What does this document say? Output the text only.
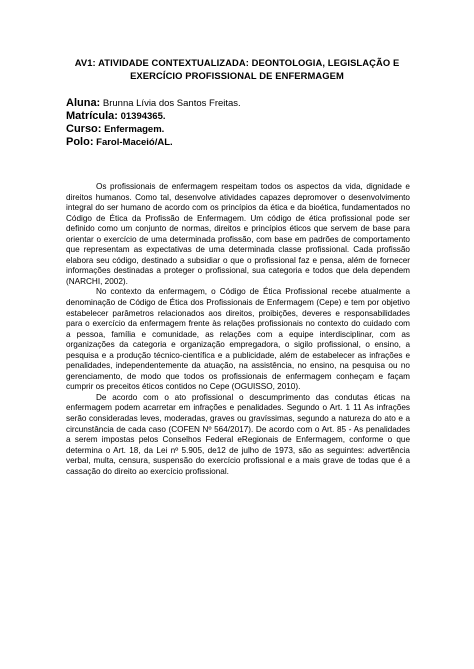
AV1: ATIVIDADE CONTEXTUALIZADA: DEONTOLOGIA, LEGISLAÇÃO E
EXERCÍCIO PROFISSIONAL DE ENFERMAGEM
Aluna: Brunna Lívia dos Santos Freitas.
Matrícula: 01394365.
Curso: Enfermagem.
Polo: Farol-Maceió/AL.

Os profissionais de enfermagem respeitam todos os aspectos da vida, dignidade e direitos humanos. Como tal, desenvolve atividades capazes depromover o desenvolvimento integral do ser humano de acordo com os princípios da ética e da bioética, fundamentados no Código de Ética da Profissão de Enfermagem. Um código de ética profissional pode ser definido como um conjunto de normas, direitos e princípios éticos que servem de base para orientar o exercício de uma determinada profissão, com base em padrões de comportamento que representam as expectativas de uma determinada classe profissional. Cada profissão elabora seu código, destinado a subsidiar o que o profissional faz e pensa, além de fornecer informações destinadas a proteger o profissional, sua categoria e todos que dela dependem (NARCHI, 2002).

No contexto da enfermagem, o Código de Ética Profissional recebe atualmente a denominação de Código de Ética dos Profissionais de Enfermagem (Cepe) e tem por objetivo estabelecer parâmetros relacionados aos direitos, proibições, deveres e responsabilidades para o exercício da enfermagem frente às relações profissionais no contexto do cuidado com a pessoa, família e comunidade, as relações com a equipe interdisciplinar, com as organizações da categoria e organização empregadora, o sigilo profissional, o ensino, a pesquisa e a produção técnico-científica e a publicidade, além de estabelecer as infrações e penalidades, independentemente da atuação, na assistência, no ensino, na pesquisa ou no gerenciamento, de modo que todos os profissionais de enfermagem conheçam e façam cumprir os preceitos éticos contidos no Cepe (OGUISSO, 2010).

De acordo com o ato profissional o descumprimento das condutas éticas na enfermagem podem acarretar em infrações e penalidades. Segundo o Art. 1 11 As infrações serão consideradas leves, moderadas, graves ou gravíssimas, segundo a natureza do ato e a circunstância de cada caso (COFEN Nº 564/2017). De acordo com o Art. 85 - As penalidades a serem impostas pelos Conselhos Federal eRegionais de Enfermagem, conforme o que determina o Art. 18, da Lei nº 5.905, de12 de julho de 1973, são as seguintes: advertência verbal, multa, censura, suspensão do exercício profissional e a mais grave de todas que é a cassação do direito ao exercício profissional.
